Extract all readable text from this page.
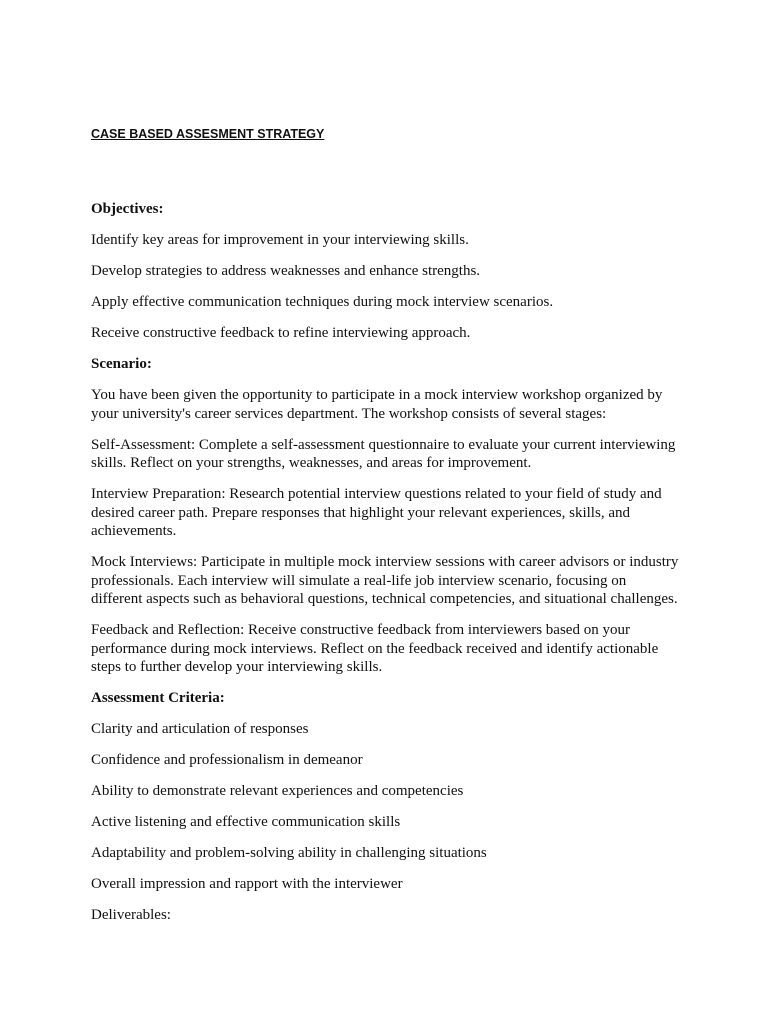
CASE BASED ASSESMENT STRATEGY
Objectives:

Identify key areas for improvement in your interviewing skills.

Develop strategies to address weaknesses and enhance strengths.

Apply effective communication techniques during mock interview scenarios.

Receive constructive feedback to refine interviewing approach.

Scenario:

You have been given the opportunity to participate in a mock interview workshop organized by your university's career services department. The workshop consists of several stages:

Self-Assessment: Complete a self-assessment questionnaire to evaluate your current interviewing skills. Reflect on your strengths, weaknesses, and areas for improvement.

Interview Preparation: Research potential interview questions related to your field of study and desired career path. Prepare responses that highlight your relevant experiences, skills, and achievements.

Mock Interviews: Participate in multiple mock interview sessions with career advisors or industry professionals. Each interview will simulate a real-life job interview scenario, focusing on different aspects such as behavioral questions, technical competencies, and situational challenges.

Feedback and Reflection: Receive constructive feedback from interviewers based on your performance during mock interviews. Reflect on the feedback received and identify actionable steps to further develop your interviewing skills.

Assessment Criteria:

Clarity and articulation of responses

Confidence and professionalism in demeanor

Ability to demonstrate relevant experiences and competencies

Active listening and effective communication skills

Adaptability and problem-solving ability in challenging situations

Overall impression and rapport with the interviewer

Deliverables:
